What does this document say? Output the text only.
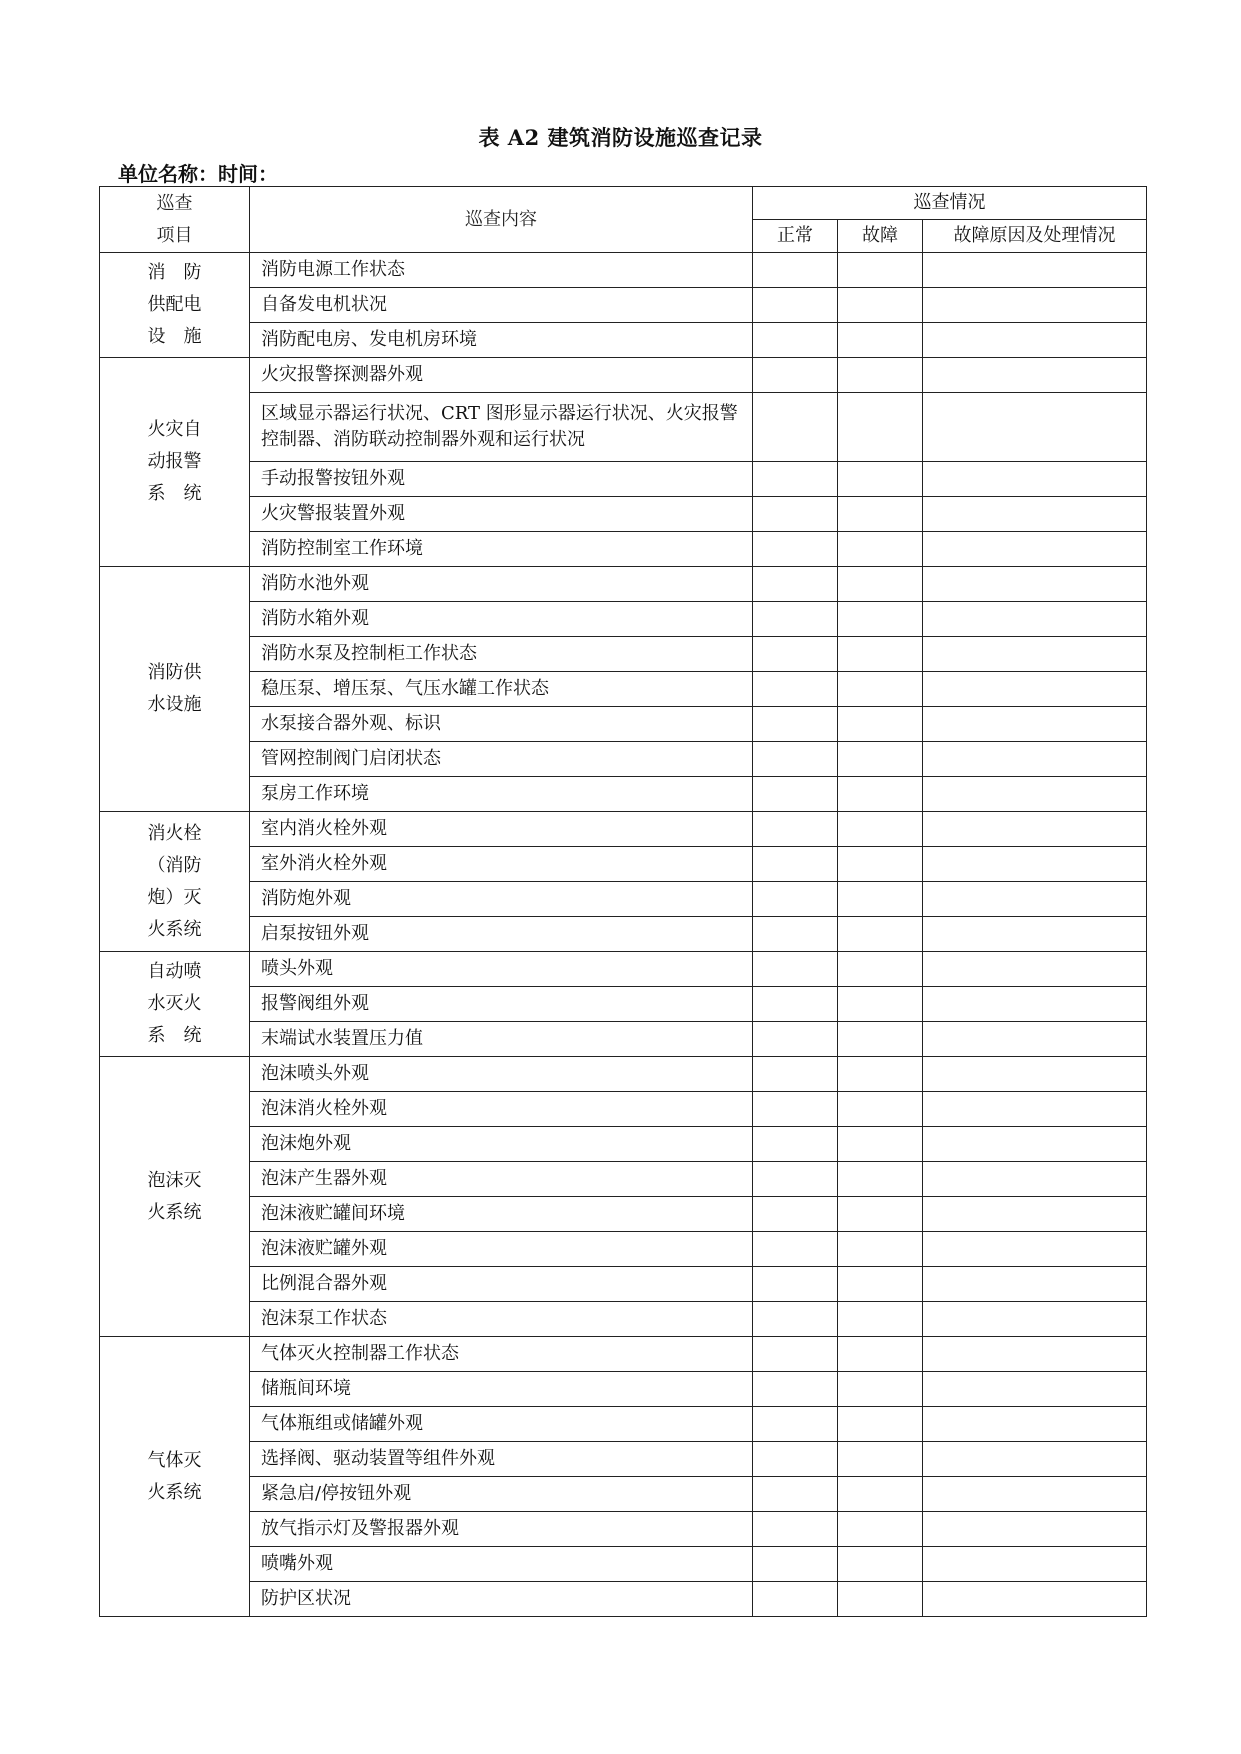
表 A2 建筑消防设施巡查记录
单位名称：时间：
巡查
项目	巡查内容	巡查情况		
		正常	故障	故障原因及处理情况

消　防
供配电
设　施	消防电源工作状态			
	自备发电机状况			
	消防配电房、发电机房环境			

火灾自
动报警
系　统	火灾报警探测器外观			
	区域显示器运行状况、CRT 图形显示器运行状况、火灾报警控制器、消防联动控制器外观和运行状况			
	手动报警按钮外观			
	火灾警报装置外观			
	消防控制室工作环境			

消防供
水设施	消防水池外观			
	消防水箱外观			
	消防水泵及控制柜工作状态			
	稳压泵、增压泵、气压水罐工作状态			
	水泵接合器外观、标识			
	管网控制阀门启闭状态			
	泵房工作环境			

消火栓
（消防
炮）灭
火系统	室内消火栓外观			
	室外消火栓外观			
	消防炮外观			
	启泵按钮外观			

自动喷
水灭火
系　统	喷头外观			
	报警阀组外观			
	末端试水装置压力值			

泡沫灭
火系统	泡沫喷头外观			
	泡沫消火栓外观			
	泡沫炮外观			
	泡沫产生器外观			
	泡沫液贮罐间环境			
	泡沫液贮罐外观			
	比例混合器外观			
	泡沫泵工作状态			

气体灭
火系统	气体灭火控制器工作状态			
	储瓶间环境			
	气体瓶组或储罐外观			
	选择阀、驱动装置等组件外观			
	紧急启/停按钮外观			
	放气指示灯及警报器外观			
	喷嘴外观			
	防护区状况			
